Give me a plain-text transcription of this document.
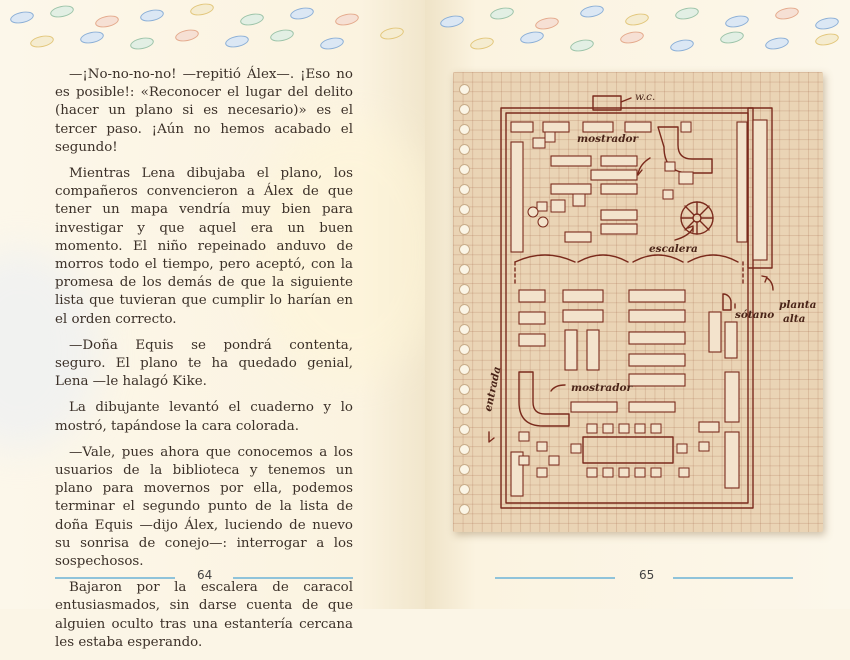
—¡No-no-no-no! —repitió Álex—. ¡Eso no es posible!: «Reconocer el lugar del delito (hacer un plano si es necesario)» es el tercer paso. ¡Aún no hemos acabado el segundo!

Mientras Lena dibujaba el plano, los compañeros convencieron a Álex de que tener un mapa vendría muy bien para investigar y que aquel era un buen momento. El niño repeinado anduvo de morros todo el tiempo, pero aceptó, con la promesa de los demás de que la siguiente lista que tuvieran que cumplir lo harían en el orden correcto.

—Doña Equis se pondrá contenta, seguro. El plano te ha quedado genial, Lena —le halagó Kike.

La dibujante levantó el cuaderno y lo mostró, tapándose la cara colorada.

—Vale, pues ahora que conocemos a los usuarios de la biblioteca y tenemos un plano para movernos por ella, podemos terminar el segundo punto de la lista de doña Equis —dijo Álex, luciendo de nuevo su sonrisa de conejo—: interrogar a los sospechosos.

Bajaron por la escalera de caracol entusiasmados, sin darse cuenta de que alguien oculto tras una estantería cercana les estaba esperando.

64	65
w.c.
mostrador
escalera
sótano
planta
alta
mostrador
entrada
